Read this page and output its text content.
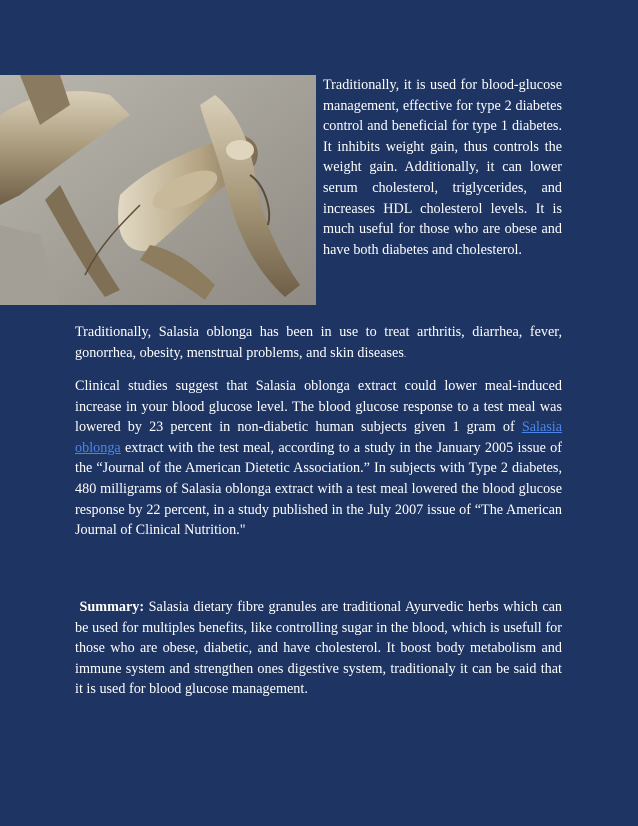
Traditionally, it is used for blood-glucose management, effective for type 2 diabetes control and beneficial for type 1 diabetes. It inhibits weight gain, thus controls the weight gain. Additionally, it can lower serum cholesterol, triglycerides, and increases HDL cholesterol levels. It is much useful for those who are obese and have both diabetes and cholesterol.
Traditionally, Salasia oblonga has been in use to treat arthritis, diarrhea, fever, gonorrhea, obesity, menstrual problems, and skin diseases.

Clinical studies suggest that Salasia oblonga extract could lower meal-induced increase in your blood glucose level. The blood glucose response to a test meal was lowered by 23 percent in non-diabetic human subjects given 1 gram of Salasia oblonga extract with the test meal, according to a study in the January 2005 issue of the “Journal of the American Dietetic Association.” In subjects with Type 2 diabetes, 480 milligrams of Salasia oblonga extract with a test meal lowered the blood glucose response by 22 percent, in a study published in the July 2007 issue of “The American Journal of Clinical Nutrition."

Summary: Salasia dietary fibre granules are traditional Ayurvedic herbs which can be used for multiples benefits, like controlling sugar in the blood, which is usefull for those who are obese, diabetic, and have cholesterol. It boost body metabolism and immune system and strengthen ones digestive system, traditionaly it can be said that it is used for blood glucose management.
